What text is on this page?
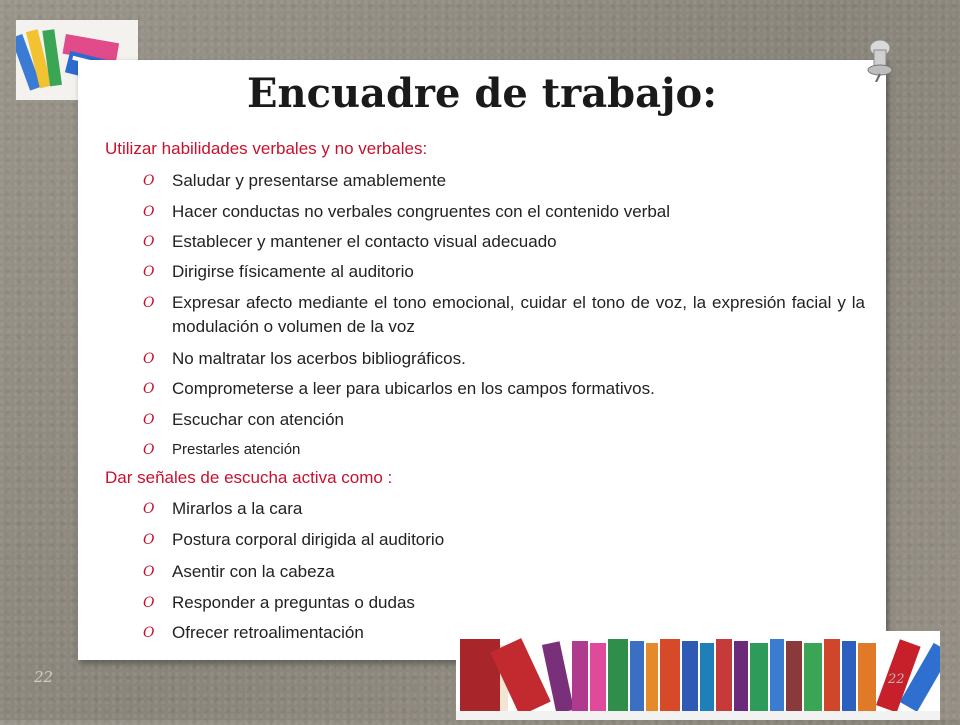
Encuadre de trabajo:

Utilizar habilidades verbales y no verbales:

O Saludar y presentarse amablemente
O Hacer conductas no verbales congruentes con el contenido verbal
O Establecer y mantener el contacto visual adecuado
O Dirigirse físicamente al auditorio
O Expresar afecto mediante el tono emocional, cuidar el tono de voz, la expresión facial y la modulación o volumen de la voz
O No maltratar los acerbos bibliográficos.
O Comprometerse a leer para ubicarlos en los campos formativos.
O Escuchar con atención
O Prestarles atención

Dar señales de escucha activa como :

O Mirarlos a la cara
O Postura corporal dirigida al auditorio
O Asentir con la cabeza
O Responder a preguntas o dudas
O Ofrecer retroalimentación
22	22
